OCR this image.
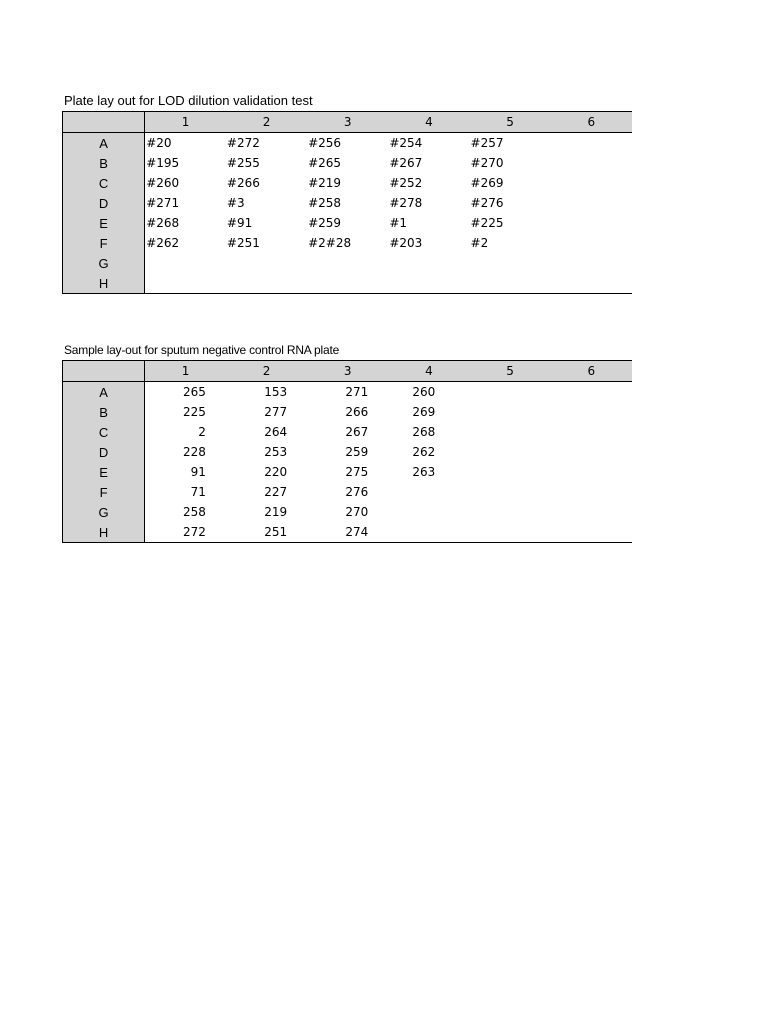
Plate lay out for LOD dilution validation test
	1	2	3	4	5	6
A	#20	#272	#256	#254	#257	
B	#195	#255	#265	#267	#270	
C	#260	#266	#219	#252	#269	
D	#271	#3	#258	#278	#276	
E	#268	#91	#259	#1	#225	
F	#262	#251	#2#28	#203	#2	
G						
H						
Sample lay-out for sputum negative control RNA plate
	1	2	3	4	5	6
A	265	153	271	260		
B	225	277	266	269		
C	2	264	267	268		
D	228	253	259	262		
E	91	220	275	263		
F	71	227	276			
G	258	219	270			
H	272	251	274			
